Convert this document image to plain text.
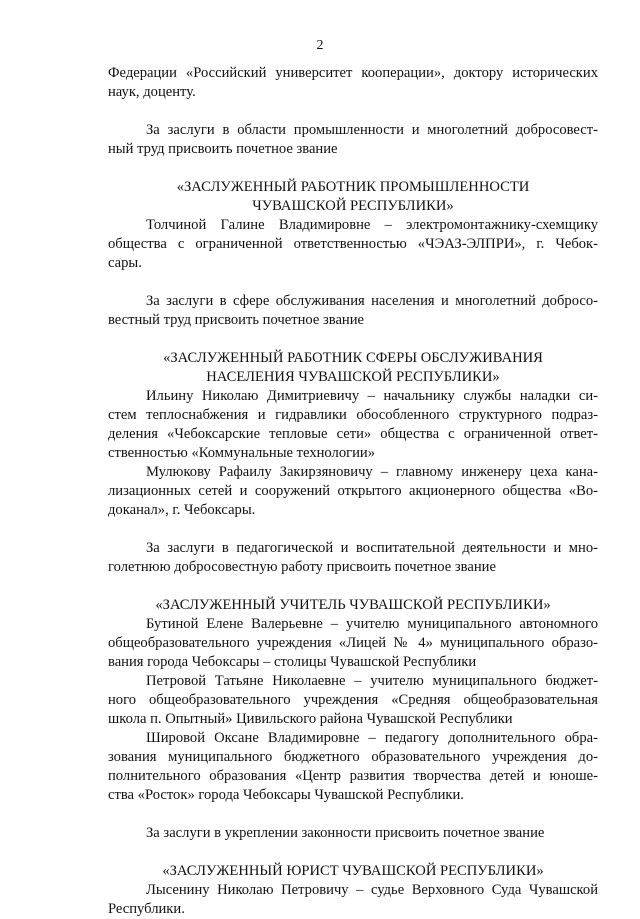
2
Федерации «Российский университет кооперации», доктору исторических
наук, доценту.
За заслуги в области промышленности и многолетний добросовест-
ный труд присвоить почетное звание
«ЗАСЛУЖЕННЫЙ РАБОТНИК ПРОМЫШЛЕННОСТИ
ЧУВАШСКОЙ РЕСПУБЛИКИ»
Толчиной Галине Владимировне – электромонтажнику-схемщику
общества с ограниченной ответственностью «ЧЭАЗ-ЭЛПРИ», г. Чебок-
сары.
За заслуги в сфере обслуживания населения и многолетний добросо-
вестный труд присвоить почетное звание
«ЗАСЛУЖЕННЫЙ РАБОТНИК СФЕРЫ ОБСЛУЖИВАНИЯ
НАСЕЛЕНИЯ ЧУВАШСКОЙ РЕСПУБЛИКИ»
Ильину Николаю Димитриевичу – начальнику службы наладки си-
стем теплоснабжения и гидравлики обособленного структурного подраз-
деления «Чебоксарские тепловые сети» общества с ограниченной ответ-
ственностью «Коммунальные технологии»
Мулюкову Рафаилу Закирзяновичу – главному инженеру цеха кана-
лизационных сетей и сооружений открытого акционерного общества «Во-
доканал», г. Чебоксары.
За заслуги в педагогической и воспитательной деятельности и мно-
голетнюю добросовестную работу присвоить почетное звание
«ЗАСЛУЖЕННЫЙ УЧИТЕЛЬ ЧУВАШСКОЙ РЕСПУБЛИКИ»
Бутиной Елене Валерьевне – учителю муниципального автономного
общеобразовательного учреждения «Лицей № 4» муниципального образо-
вания города Чебоксары – столицы Чувашской Республики
Петровой Татьяне Николаевне – учителю муниципального бюджет-
ного общеобразовательного учреждения «Средняя общеобразовательная
школа п. Опытный» Цивильского района Чувашской Республики
Шировой Оксане Владимировне – педагогу дополнительного обра-
зования муниципального бюджетного образовательного учреждения до-
полнительного образования «Центр развития творчества детей и юноше-
ства «Росток» города Чебоксары Чувашской Республики.
За заслуги в укреплении законности присвоить почетное звание
«ЗАСЛУЖЕННЫЙ ЮРИСТ ЧУВАШСКОЙ РЕСПУБЛИКИ»
Лысенину Николаю Петровичу – судье Верховного Суда Чувашской
Республики.
